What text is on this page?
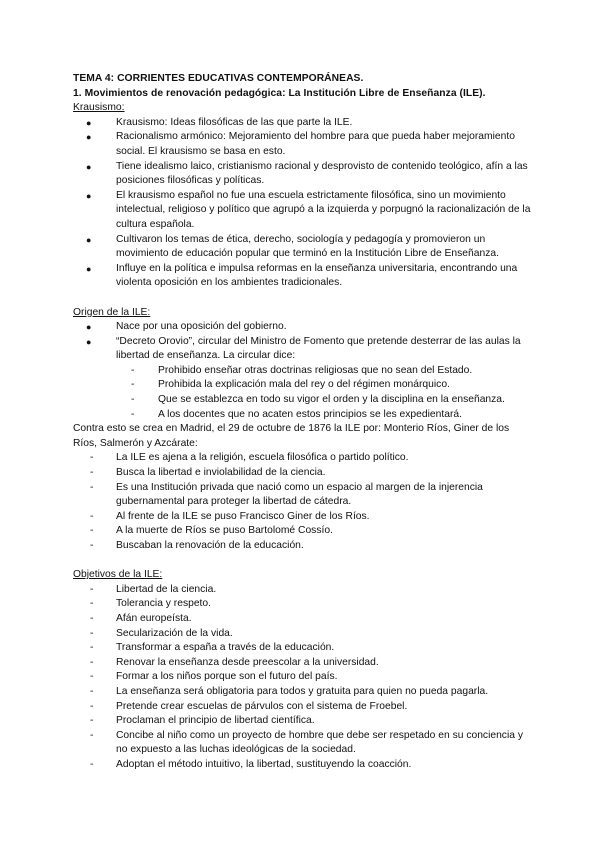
TEMA 4: CORRIENTES EDUCATIVAS CONTEMPORÁNEAS.
1. Movimientos de renovación pedagógica: La Institución Libre de Enseñanza (ILE).
Krausismo:
● Krausismo: Ideas filosóficas de las que parte la ILE.
● Racionalismo armónico: Mejoramiento del hombre para que pueda haber mejoramiento social. El krausismo se basa en esto.
● Tiene idealismo laico, cristianismo racional y desprovisto de contenido teológico, afín a las posiciones filosóficas y políticas.
● El krausismo español no fue una escuela estrictamente filosófica, sino un movimiento intelectual, religioso y político que agrupó a la izquierda y porpugnó la racionalización de la cultura española.
● Cultivaron los temas de ética, derecho, sociología y pedagogía y promovieron un movimiento de educación popular que terminó en la Institución Libre de Enseñanza.
● Influye en la política e impulsa reformas en la enseñanza universitaria, encontrando una violenta oposición en los ambientes tradicionales.
Origen de la ILE:
● Nace por una oposición del gobierno.
● “Decreto Orovio”, circular del Ministro de Fomento que pretende desterrar de las aulas la libertad de enseñanza. La circular dice:
- Prohibido enseñar otras doctrinas religiosas que no sean del Estado.
- Prohibida la explicación mala del rey o del régimen monárquico.
- Que se establezca en todo su vigor el orden y la disciplina en la enseñanza.
- A los docentes que no acaten estos principios se les expedientará.

Contra esto se crea en Madrid, el 29 de octubre de 1876 la ILE por: Monterio Ríos, Giner de los Ríos, Salmerón y Azcárate:

- La ILE es ajena a la religión, escuela filosófica o partido político.
- Busca la libertad e inviolabilidad de la ciencia.
- Es una Institución privada que nació como un espacio al margen de la injerencia gubernamental para proteger la libertad de cátedra.
- Al frente de la ILE se puso Francisco Giner de los Ríos.
- A la muerte de Ríos se puso Bartolomé Cossío.
- Buscaban la renovación de la educación.
Objetivos de la ILE:
- Libertad de la ciencia.
- Tolerancia y respeto.
- Afán europeísta.
- Secularización de la vida.
- Transformar a españa a través de la educación.
- Renovar la enseñanza desde preescolar a la universidad.
- Formar a los niños porque son el futuro del país.
- La enseñanza será obligatoria para todos y gratuita para quien no pueda pagarla.
- Pretende crear escuelas de párvulos con el sistema de Froebel.
- Proclaman el principio de libertad científica.
- Concibe al niño como un proyecto de hombre que debe ser respetado en su conciencia y no expuesto a las luchas ideológicas de la sociedad.
- Adoptan el método intuitivo, la libertad, sustituyendo la coacción.
